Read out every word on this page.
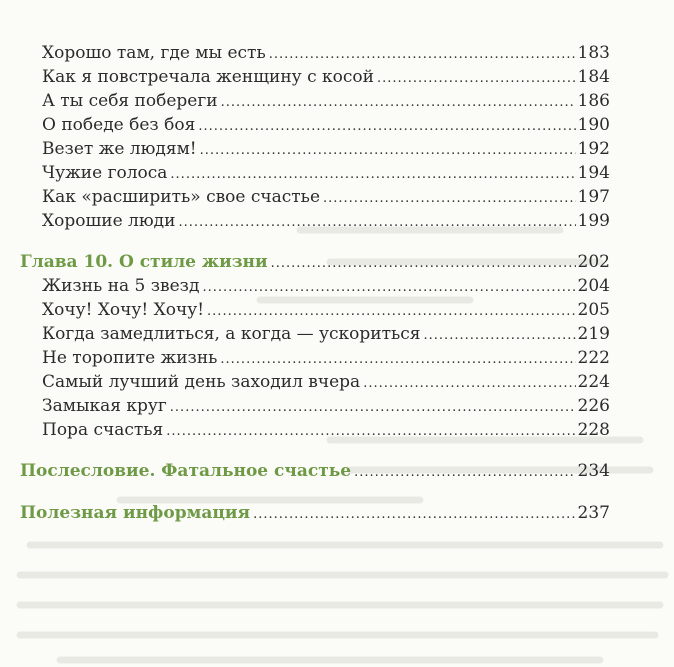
Хорошо там, где мы есть .....	183
Как я повстречала женщину с косой .....	184
А ты себя побереги .....	186
О победе без боя .....	190
Везет же людям! .....	192
Чужие голоса .....	194
Как «расширить» свое счастье .....	197
Хорошие люди .....	199
Глава 10. О стиле жизни .....	202
Жизнь на 5 звезд .....	204
Хочу! Хочу! Хочу! .....	205
Когда замедлиться, а когда — ускориться .....	219
Не торопите жизнь .....	222
Самый лучший день заходил вчера .....	224
Замыкая круг .....	226
Пора счастья .....	228
Послесловие. Фатальное счастье .....	234
Полезная информация .....	237
